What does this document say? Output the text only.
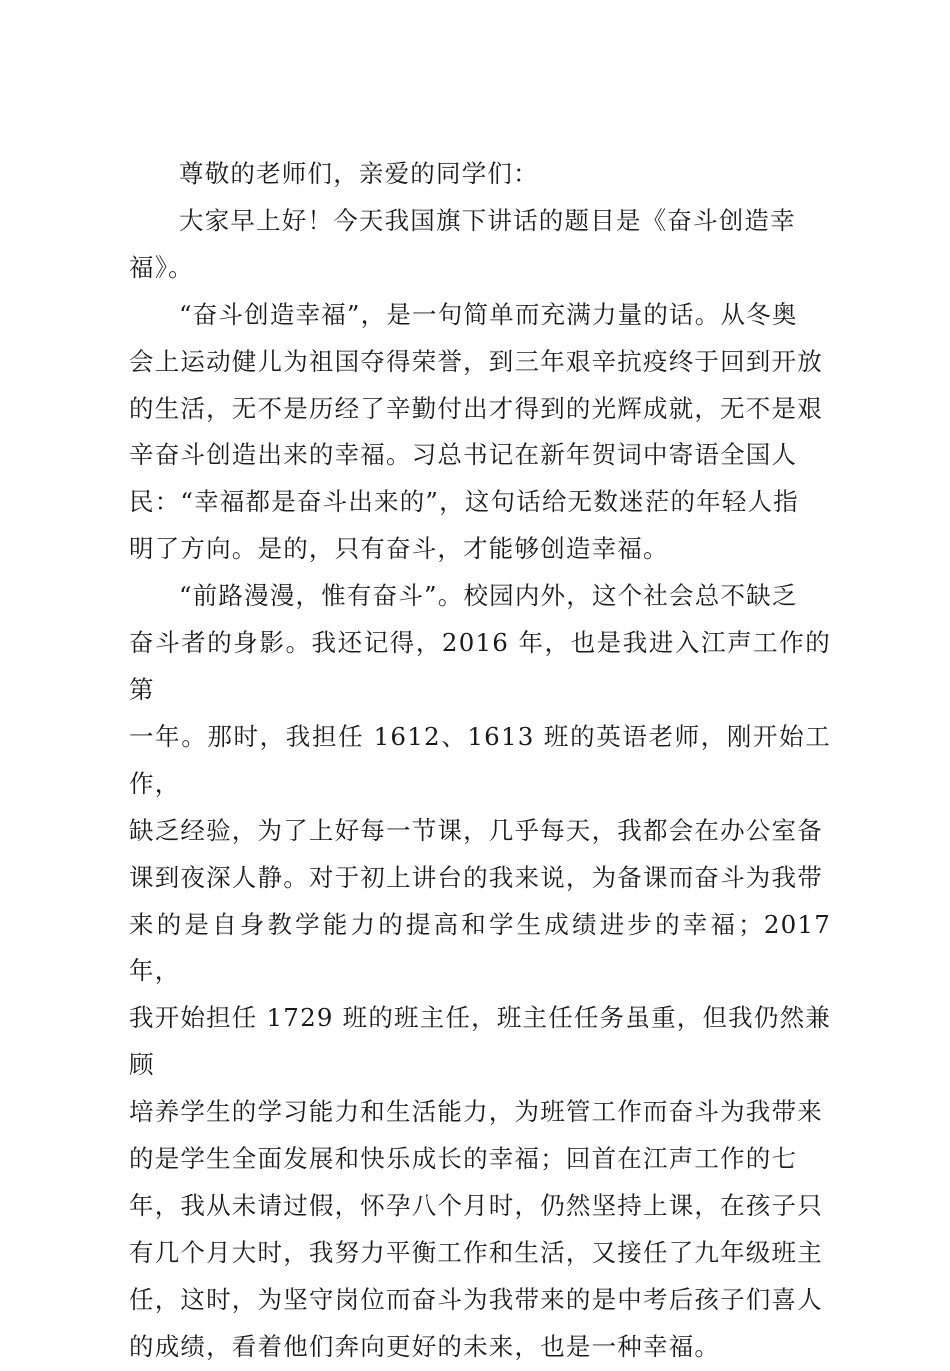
尊敬的老师们，亲爱的同学们：

大家早上好！今天我国旗下讲话的题目是《奋斗创造幸
福》。

“奋斗创造幸福”，是一句简单而充满力量的话。从冬奥
会上运动健儿为祖国夺得荣誉，到三年艰辛抗疫终于回到开放
的生活，无不是历经了辛勤付出才得到的光辉成就，无不是艰
辛奋斗创造出来的幸福。习总书记在新年贺词中寄语全国人
民：“幸福都是奋斗出来的”，这句话给无数迷茫的年轻人指
明了方向。是的，只有奋斗，才能够创造幸福。

“前路漫漫，惟有奋斗”。校园内外，这个社会总不缺乏
奋斗者的身影。我还记得，2016 年，也是我进入江声工作的第
一年。那时，我担任 1612、1613 班的英语老师，刚开始工作，
缺乏经验，为了上好每一节课，几乎每天，我都会在办公室备
课到夜深人静。对于初上讲台的我来说，为备课而奋斗为我带
来的是自身教学能力的提高和学生成绩进步的幸福；2017 年，
我开始担任 1729 班的班主任，班主任任务虽重，但我仍然兼顾
培养学生的学习能力和生活能力，为班管工作而奋斗为我带来
的是学生全面发展和快乐成长的幸福；回首在江声工作的七
年，我从未请过假，怀孕八个月时，仍然坚持上课，在孩子只
有几个月大时，我努力平衡工作和生活，又接任了九年级班主
任，这时，为坚守岗位而奋斗为我带来的是中考后孩子们喜人
的成绩，看着他们奔向更好的未来，也是一种幸福。
